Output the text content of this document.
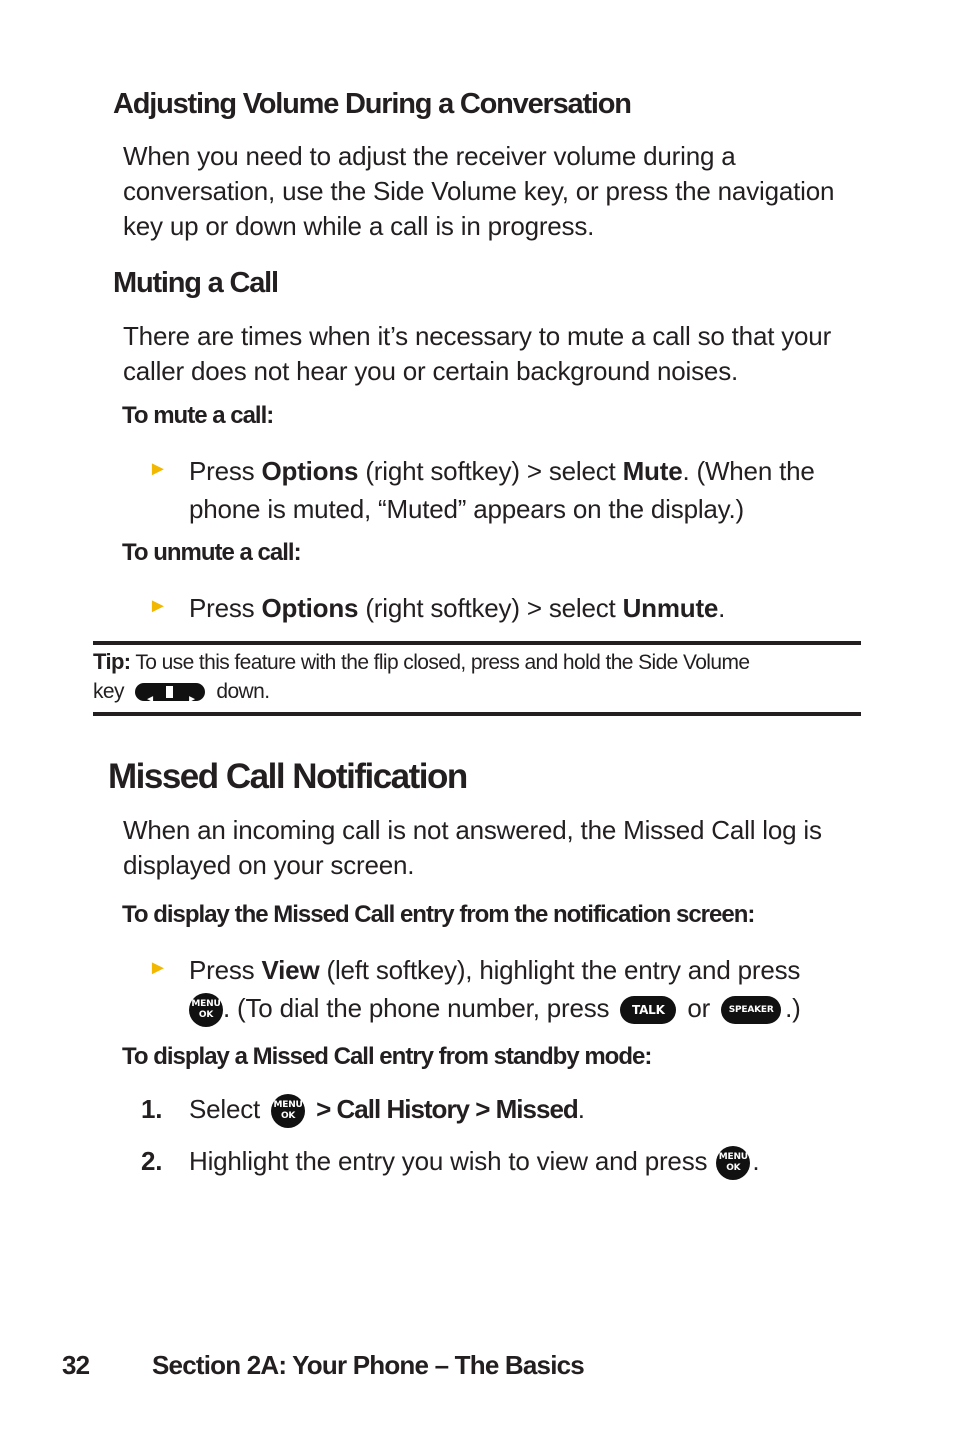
Adjusting Volume During a Conversation
When you need to adjust the receiver volume during a
conversation, use the Side Volume key, or press the navigation
key up or down while a call is in progress.
Muting a Call
There are times when it’s necessary to mute a call so that your
caller does not hear you or certain background noises.
To mute a call:
► Press Options (right softkey) > select Mute. (When the
phone is muted, “Muted” appears on the display.)
To unmute a call:
► Press Options (right softkey) > select Unmute.
Tip: To use this feature with the flip closed, press and hold the Side Volume
key ◄	► down.
Missed Call Notification
When an incoming call is not answered, the Missed Call log is
displayed on your screen.
To display the Missed Call entry from the notification screen:
► Press View (left softkey), highlight the entry and press
MENU
OK . (To dial the phone number, press TALK or SPEAKER .)
To display a Missed Call entry from standby mode:
1. Select MENU
OK > Call History > Missed.
2. Highlight the entry you wish to view and press MENU
OK .
32 Section 2A: Your Phone – The Basics
